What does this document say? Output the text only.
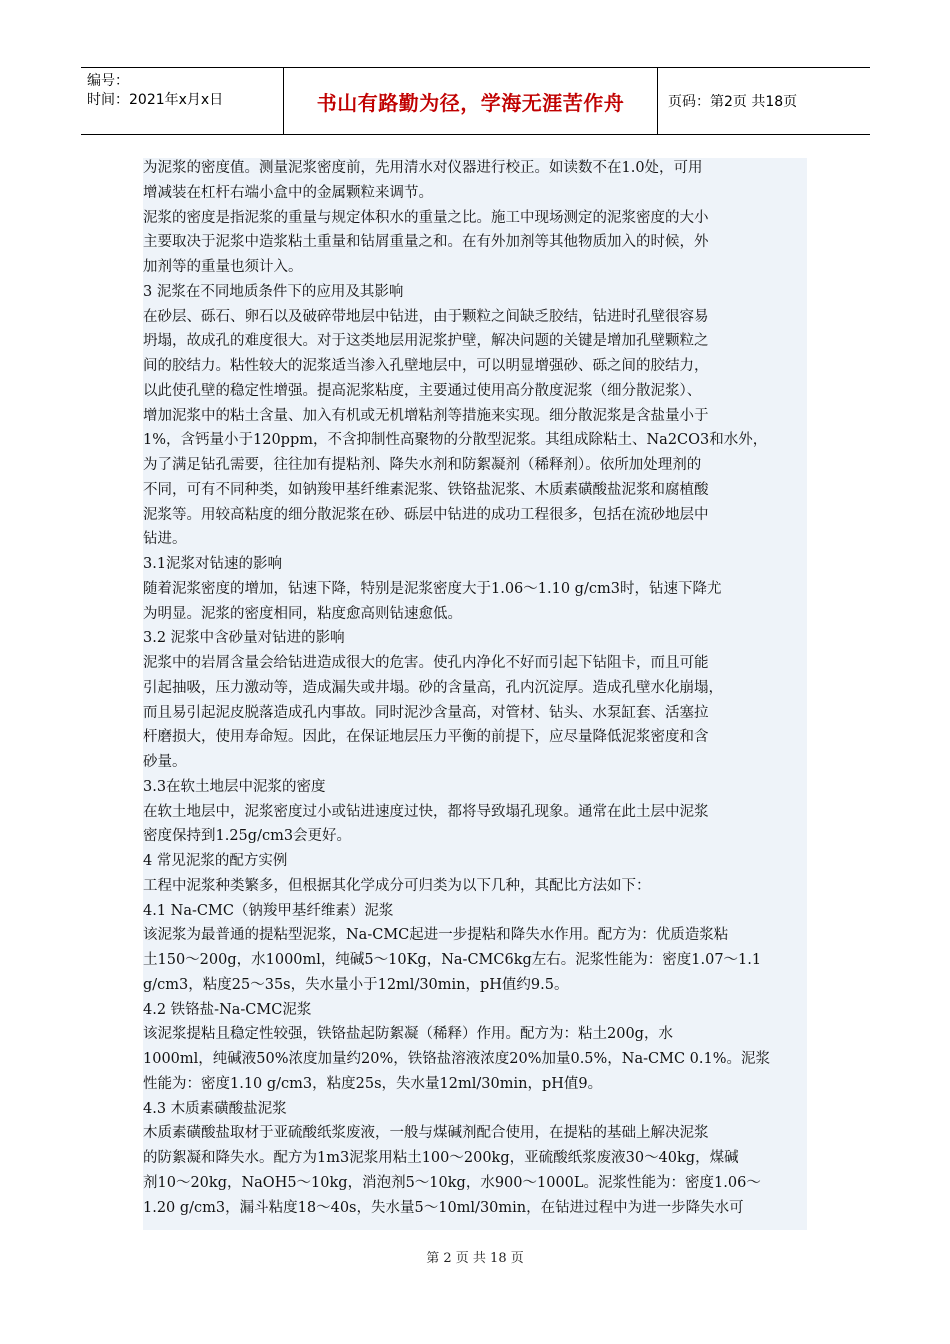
编号：
时间：2021年x月x日	书山有路勤为径，学海无涯苦作舟	页码：第2页 共18页
为泥浆的密度值。测量泥浆密度前，先用清水对仪器进行校正。如读数不在1.0处，可用
增减装在杠杆右端小盒中的金属颗粒来调节。
泥浆的密度是指泥浆的重量与规定体积水的重量之比。施工中现场测定的泥浆密度的大小
主要取决于泥浆中造浆粘土重量和钻屑重量之和。在有外加剂等其他物质加入的时候，外
加剂等的重量也须计入。
3 泥浆在不同地质条件下的应用及其影响
在砂层、砾石、卵石以及破碎带地层中钻进，由于颗粒之间缺乏胶结，钻进时孔壁很容易
坍塌，故成孔的难度很大。对于这类地层用泥浆护壁，解决问题的关键是增加孔壁颗粒之
间的胶结力。粘性较大的泥浆适当渗入孔壁地层中，可以明显增强砂、砾之间的胶结力，
以此使孔壁的稳定性增强。提高泥浆粘度，主要通过使用高分散度泥浆（细分散泥浆）、
增加泥浆中的粘土含量、加入有机或无机增粘剂等措施来实现。细分散泥浆是含盐量小于
1%，含钙量小于120ppm，不含抑制性高聚物的分散型泥浆。其组成除粘土、Na2CO3和水外，
为了满足钻孔需要，往往加有提粘剂、降失水剂和防絮凝剂（稀释剂）。依所加处理剂的
不同，可有不同种类，如钠羧甲基纤维素泥浆、铁铬盐泥浆、木质素磺酸盐泥浆和腐植酸
泥浆等。用较高粘度的细分散泥浆在砂、砾层中钻进的成功工程很多，包括在流砂地层中
钻进。
3.1泥浆对钻速的影响
随着泥浆密度的增加，钻速下降，特别是泥浆密度大于1.06～1.10 g/cm3时，钻速下降尤
为明显。泥浆的密度相同，粘度愈高则钻速愈低。
3.2 泥浆中含砂量对钻进的影响
泥浆中的岩屑含量会给钻进造成很大的危害。使孔内净化不好而引起下钻阻卡，而且可能
引起抽吸，压力激动等，造成漏失或井塌。砂的含量高，孔内沉淀厚。造成孔壁水化崩塌，
而且易引起泥皮脱落造成孔内事故。同时泥沙含量高，对管材、钻头、水泵缸套、活塞拉
杆磨损大，使用寿命短。因此，在保证地层压力平衡的前提下，应尽量降低泥浆密度和含
砂量。
3.3在软土地层中泥浆的密度
在软土地层中，泥浆密度过小或钻进速度过快，都将导致塌孔现象。通常在此土层中泥浆
密度保持到1.25g/cm3会更好。
4 常见泥浆的配方实例
工程中泥浆种类繁多，但根据其化学成分可归类为以下几种，其配比方法如下：
4.1 Na-CMC（钠羧甲基纤维素）泥浆
该泥浆为最普通的提粘型泥浆，Na-CMC起进一步提粘和降失水作用。配方为：优质造浆粘
土150～200g，水1000ml，纯碱5～10Kg，Na-CMC6kg左右。泥浆性能为：密度1.07～1.1
g/cm3，粘度25～35s，失水量小于12ml/30min，pH值约9.5。
4.2 铁铬盐-Na-CMC泥浆
该泥浆提粘且稳定性较强，铁铬盐起防絮凝（稀释）作用。配方为：粘土200g，水
1000ml，纯碱液50%浓度加量约20%，铁铬盐溶液浓度20%加量0.5%，Na-CMC 0.1%。泥浆
性能为：密度1.10 g/cm3，粘度25s，失水量12ml/30min，pH值9。
4.3 木质素磺酸盐泥浆
木质素磺酸盐取材于亚硫酸纸浆废液，一般与煤碱剂配合使用，在提粘的基础上解决泥浆
的防絮凝和降失水。配方为1m3泥浆用粘土100～200kg，亚硫酸纸浆废液30～40kg，煤碱
剂10～20kg，NaOH5～10kg，消泡剂5～10kg，水900～1000L。泥浆性能为：密度1.06～
1.20 g/cm3，漏斗粘度18～40s，失水量5～10ml/30min，在钻进过程中为进一步降失水可
第 2 页 共 18 页
